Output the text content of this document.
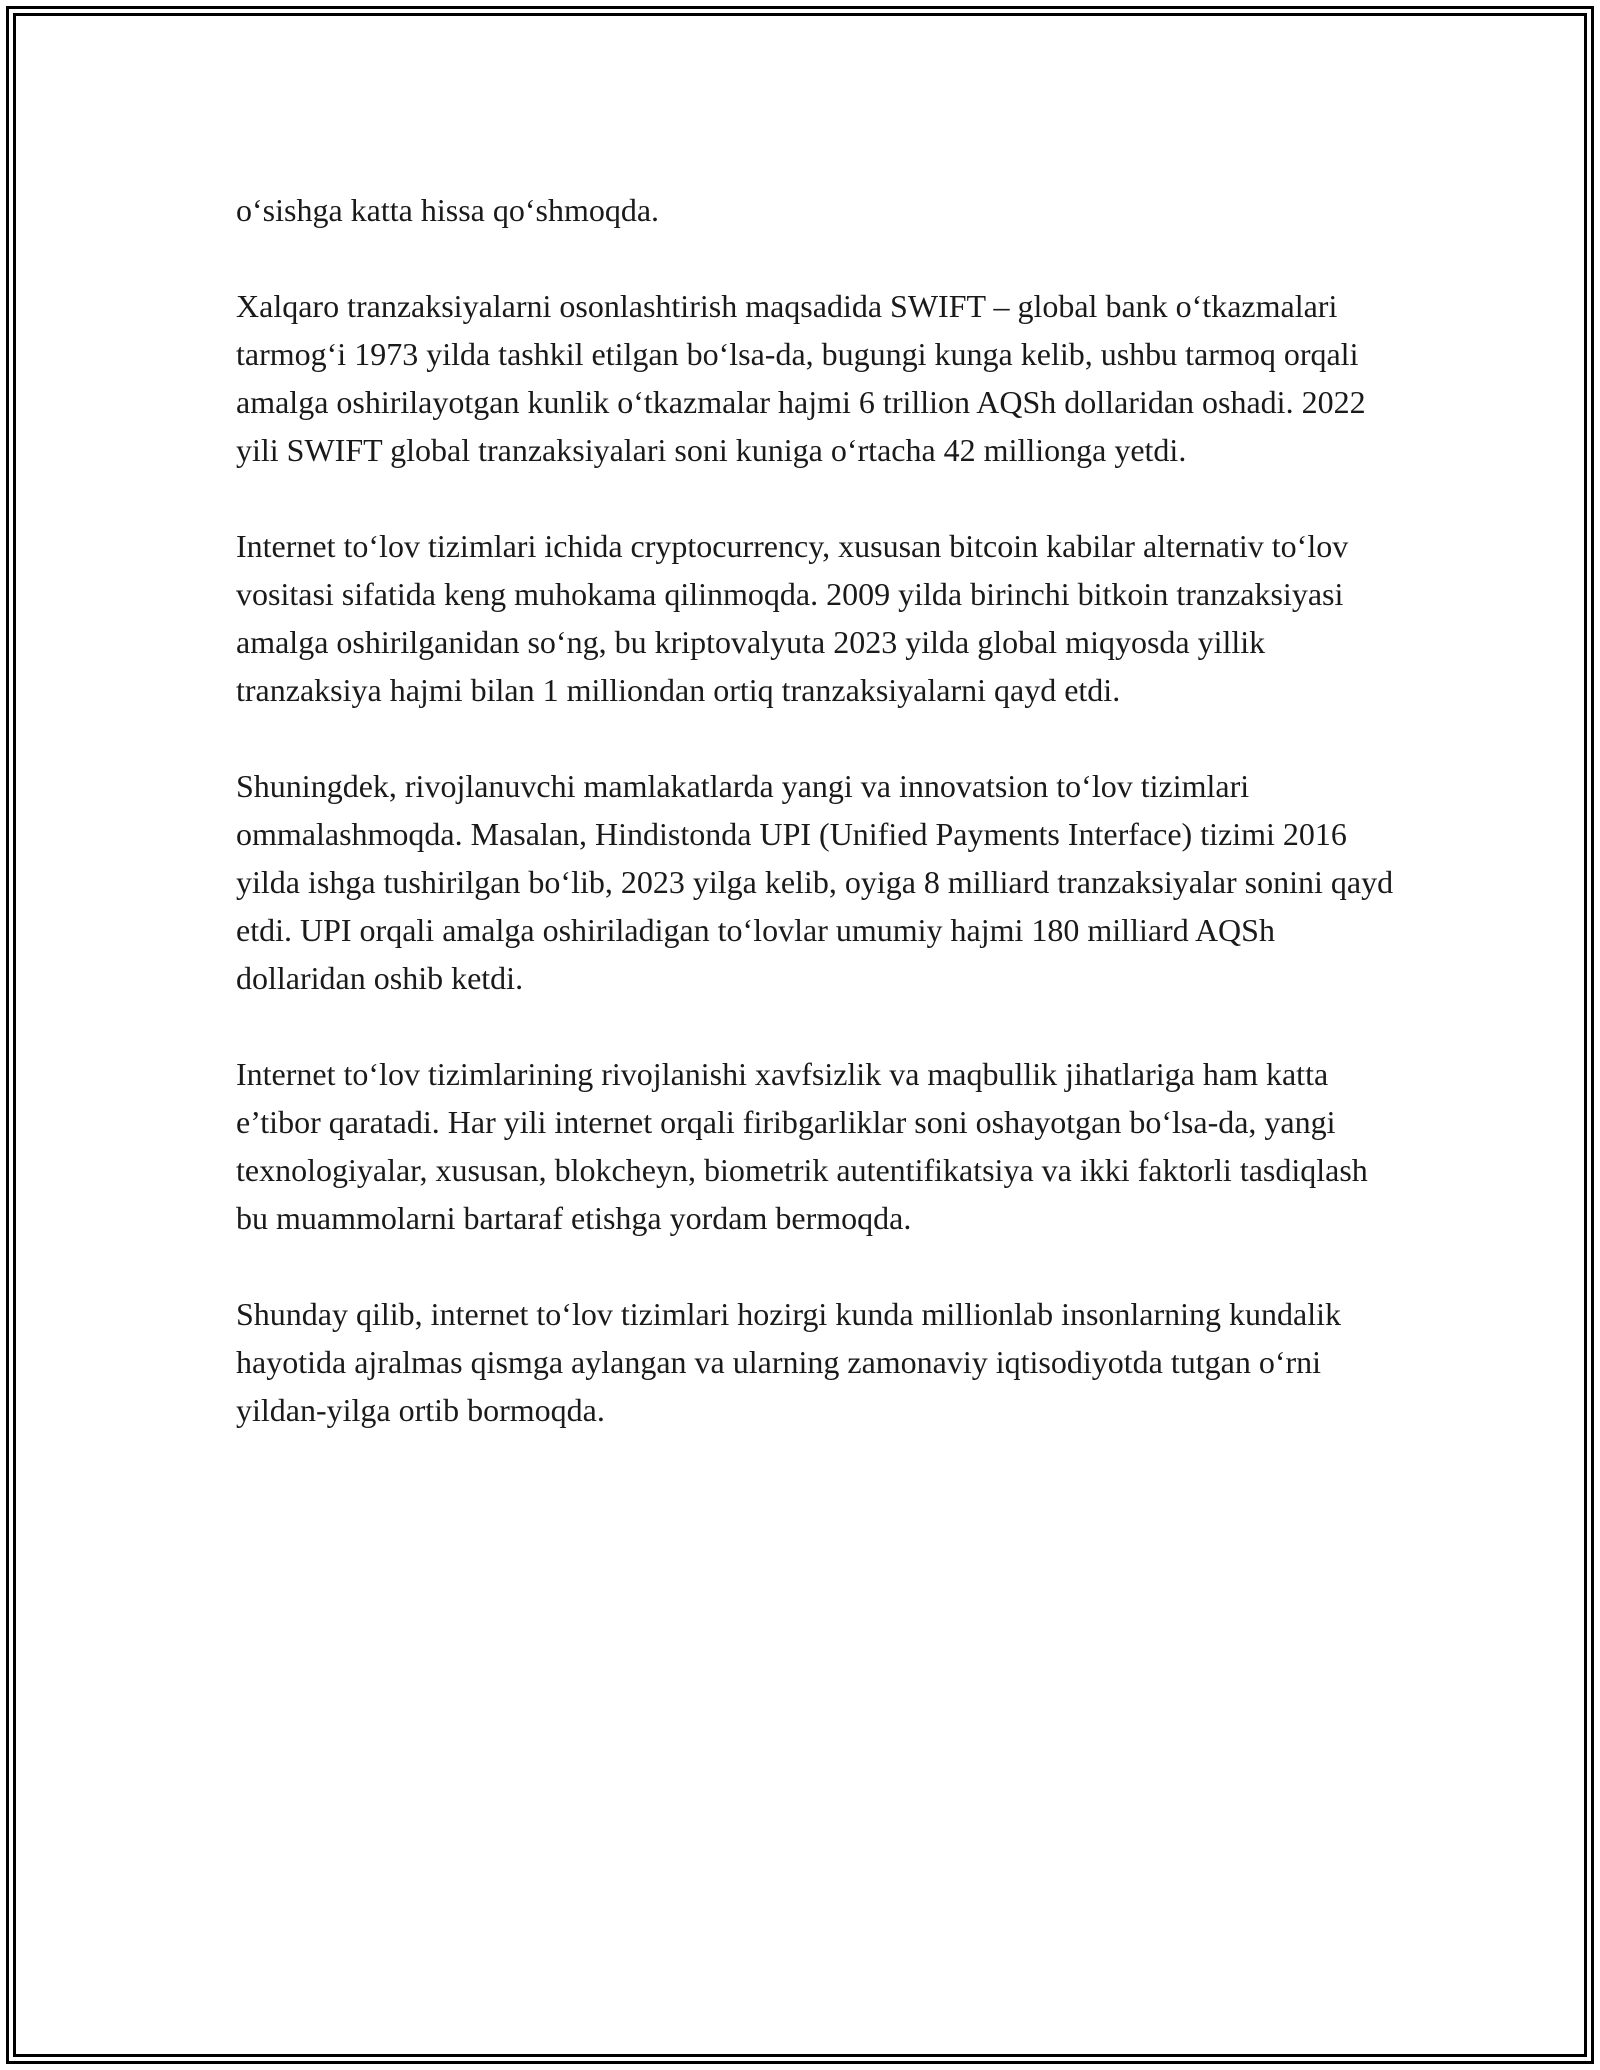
o‘sishga katta hissa qo‘shmoqda.

Xalqaro tranzaksiyalarni osonlashtirish maqsadida SWIFT – global bank o‘tkazmalari tarmog‘i 1973 yilda tashkil etilgan bo‘lsa-da, bugungi kunga kelib, ushbu tarmoq orqali amalga oshirilayotgan kunlik o‘tkazmalar hajmi 6 trillion AQSh dollaridan oshadi. 2022 yili SWIFT global tranzaksiyalari soni kuniga o‘rtacha 42 millionga yetdi.

Internet to‘lov tizimlari ichida cryptocurrency, xususan bitcoin kabilar alternativ to‘lov vositasi sifatida keng muhokama qilinmoqda. 2009 yilda birinchi bitkoin tranzaksiyasi amalga oshirilganidan so‘ng, bu kriptovalyuta 2023 yilda global miqyosda yillik tranzaksiya hajmi bilan 1 milliondan ortiq tranzaksiyalarni qayd etdi.

Shuningdek, rivojlanuvchi mamlakatlarda yangi va innovatsion to‘lov tizimlari ommalashmoqda. Masalan, Hindistonda UPI (Unified Payments Interface) tizimi 2016 yilda ishga tushirilgan bo‘lib, 2023 yilga kelib, oyiga 8 milliard tranzaksiyalar sonini qayd etdi. UPI orqali amalga oshiriladigan to‘lovlar umumiy hajmi 180 milliard AQSh dollaridan oshib ketdi.

Internet to‘lov tizimlarining rivojlanishi xavfsizlik va maqbullik jihatlariga ham katta e’tibor qaratadi. Har yili internet orqali firibgarliklar soni oshayotgan bo‘lsa-da, yangi texnologiyalar, xususan, blokcheyn, biometrik autentifikatsiya va ikki faktorli tasdiqlash bu muammolarni bartaraf etishga yordam bermoqda.

Shunday qilib, internet to‘lov tizimlari hozirgi kunda millionlab insonlarning kundalik hayotida ajralmas qismga aylangan va ularning zamonaviy iqtisodiyotda tutgan o‘rni yildan-yilga ortib bormoqda.
